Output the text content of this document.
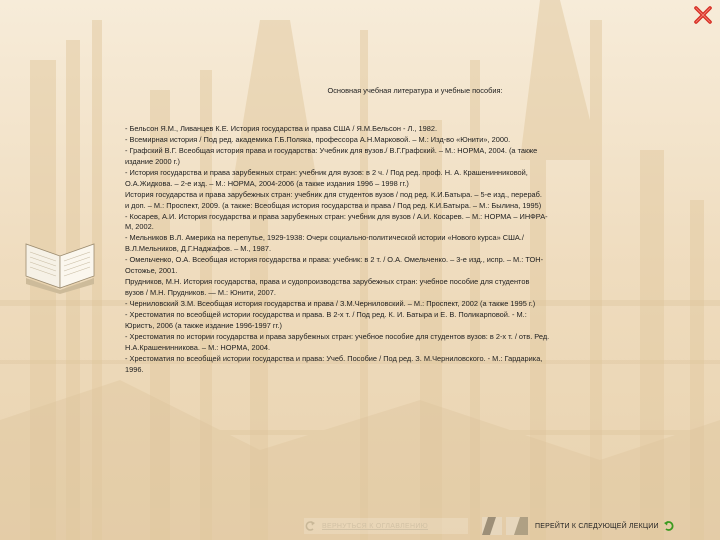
Основная учебная литература и учебные пособия:
- Бельсон Я.М., Ливанцев К.Е. История государства и права США / Я.М.Бельсон - Л., 1982.
- Всемирная история / Под ред. академика Г.Б.Поляка, профессора А.Н.Марковой. – М.: Изд-во «Юнити», 2000.
- Графский В.Г. Всеобщая история права и государства: Учебник для вузов./ В.Г.Графский. – М.: НОРМА, 2004. (а также
издание 2000 г.)
- История государства и права зарубежных стран: учебник для вузов: в 2 ч. / Под ред. проф. Н. А. Крашенинниковой,
О.А.Жидкова. – 2-е изд. – М.: НОРМА, 2004-2006 (а также издания 1996 – 1998 гг.)
История государства и права зарубежных стран: учебник для студентов вузов / под ред. К.И.Батыра. – 5-е изд., перераб.
и доп. – М.: Проспект, 2009. (а также: Всеобщая история государства и права / Под ред. К.И.Батыра. – М.: Былина, 1995)
- Косарев, А.И. История государства и права зарубежных стран: учебник для вузов / А.И. Косарев. – М.: НОРМА – ИНФРА-
М, 2002.
- Мельников В.Л. Америка на перепутье, 1929-1938: Очерк социально-политической истории «Нового курса» США./
В.Л.Мельников, Д.Г.Наджафов. – М., 1987.
- Омельченко, О.А. Всеобщая история государства и права: учебник: в 2 т. / О.А. Омельченко. – 3-е изд., испр. – М.: ТОН-
Остожье, 2001.
Прудников, М.Н. История государства, права и судопроизводства зарубежных стран: учебное пособие для студентов
вузов / М.Н. Прудников. — М.: Юнити, 2007.
- Черниловский З.М. Всеобщая история государства и права / З.М.Черниловский. – М.: Проспект, 2002 (а также 1995 г.)
- Хрестоматия по всеобщей истории государства и права. В 2-х т. / Под ред. К. И. Батыра и Е. В. Поликарповой. - М.:
Юристъ, 2006 (а также издание 1996-1997 гг.)
- Хрестоматия по истории государства и права зарубежных стран: учебное пособие для студентов вузов: в 2-х т. / отв. Ред.
Н.А.Крашенинникова. – М.: НОРМА, 2004.
- Хрестоматия по всеобщей истории государства и права: Учеб. Пособие / Под ред. З. М.Черниловского. - М.: Гардарика,
1996.
ВЕРНУТЬСЯ К ОГЛАВЛЕНИЮ	ПЕРЕЙТИ К СЛЕДУЮЩЕЙ ЛЕКЦИИ
